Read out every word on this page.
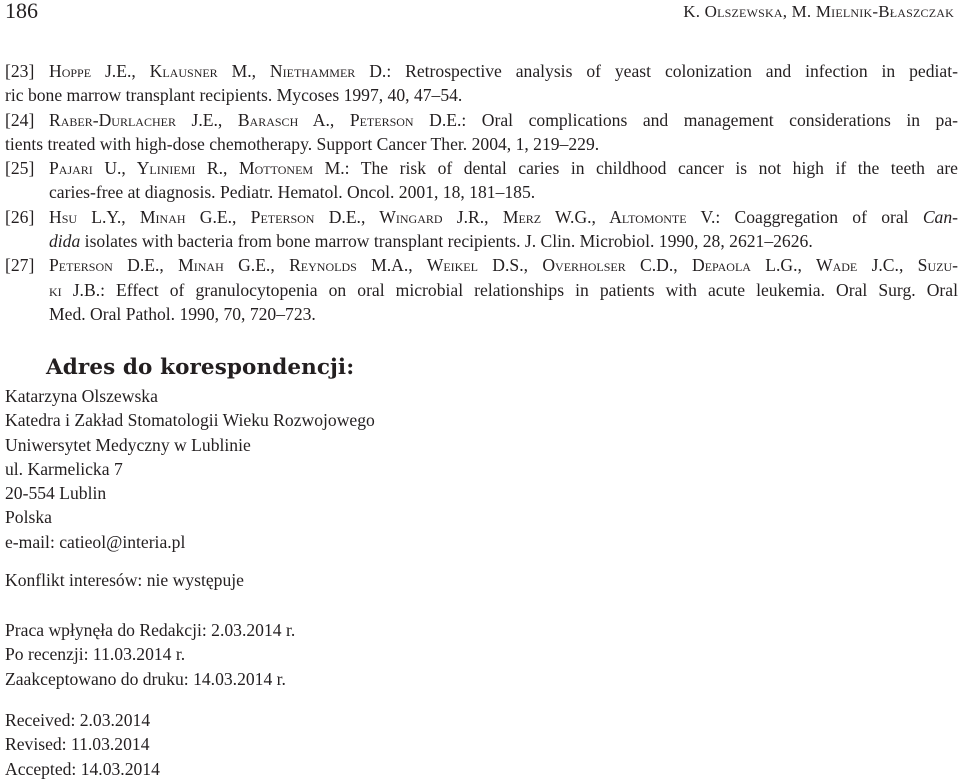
186	K. Olszewska, M. Mielnik-Błaszczak
[23] Hoppe J.E., Klausner M., Niethammer D.: Retrospective analysis of yeast colonization and infection in pediat-
ric bone marrow transplant recipients. Mycoses 1997, 40, 47–54.
[24] Raber-Durlacher J.E., Barasch A., Peterson D.E.: Oral complications and management considerations in pa-
tients treated with high-dose chemotherapy. Support Cancer Ther. 2004, 1, 219–229.
[25] Pajari U., Yliniemi R., Mottonem M.: The risk of dental caries in childhood cancer is not high if the teeth are
caries-free at diagnosis. Pediatr. Hematol. Oncol. 2001, 18, 181–185.
[26] Hsu L.Y., Minah G.E., Peterson D.E., Wingard J.R., Merz W.G., Altomonte V.: Coaggregation of oral Can-
dida isolates with bacteria from bone marrow transplant recipients. J. Clin. Microbiol. 1990, 28, 2621–2626.
[27] Peterson D.E., Minah G.E., Reynolds M.A., Weikel D.S., Overholser C.D., Depaola L.G., Wade J.C., Suzu-
ki J.B.: Effect of granulocytopenia on oral microbial relationships in patients with acute leukemia. Oral Surg. Oral
Med. Oral Pathol. 1990, 70, 720–723.
Adres do korespondencji:
Katarzyna Olszewska
Katedra i Zakład Stomatologii Wieku Rozwojowego
Uniwersytet Medyczny w Lublinie
ul. Karmelicka 7
20-554 Lublin
Polska
e-mail: catieol@interia.pl
Konflikt interesów: nie występuje
Praca wpłynęła do Redakcji: 2.03.2014 r.
Po recenzji: 11.03.2014 r.
Zaakceptowano do druku: 14.03.2014 r.
Received: 2.03.2014
Revised: 11.03.2014
Accepted: 14.03.2014
